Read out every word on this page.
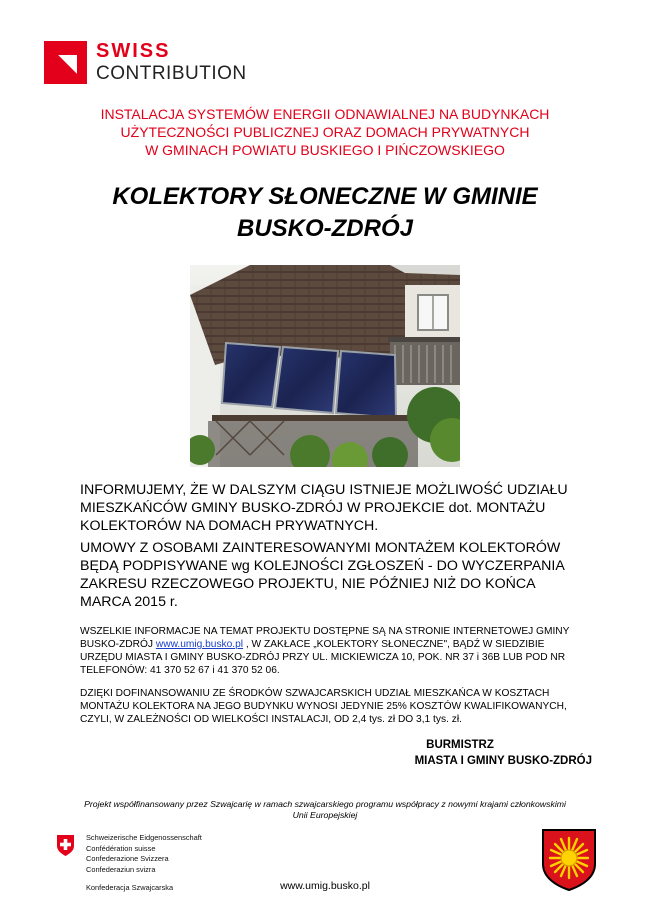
SWISS
CONTRIBUTION
INSTALACJA SYSTEMÓW ENERGII ODNAWIALNEJ NA BUDYNKACH
UŻYTECZNOŚCI PUBLICZNEJ ORAZ DOMACH PRYWATNYCH
W GMINACH POWIATU BUSKIEGO I PIŃCZOWSKIEGO
KOLEKTORY SŁONECZNE W GMINIE
BUSKO-ZDRÓJ
INFORMUJEMY, ŻE W DALSZYM CIĄGU ISTNIEJE MOŻLIWOŚĆ UDZIAŁU
MIESZKAŃCÓW GMINY BUSKO-ZDRÓJ W PROJEKCIE dot. MONTAŻU
KOLEKTORÓW NA DOMACH PRYWATNYCH.
UMOWY Z OSOBAMI ZAINTERESOWANYMI MONTAŻEM KOLEKTORÓW
BĘDĄ PODPISYWANE wg KOLEJNOŚCI ZGŁOSZEŃ - DO WYCZERPANIA
ZAKRESU RZECZOWEGO PROJEKTU, NIE PÓŹNIEJ NIŻ DO KOŃCA
MARCA 2015 r.
WSZELKIE INFORMACJE NA TEMAT PROJEKTU DOSTĘPNE SĄ NA STRONIE INTERNETOWEJ GMINY
BUSKO-ZDRÓJ www.umig.busko.pl , W ZAKŁACE „KOLEKTORY SŁONECZNE", BĄDŹ W SIEDZIBIE
URZĘDU MIASTA I GMINY BUSKO-ZDRÓJ PRZY UL. MICKIEWICZA 10, POK. NR 37 i 36B LUB POD NR
TELEFONÓW: 41 370 52 67 i 41 370 52 06.
DZIĘKI DOFINANSOWANIU ZE ŚRODKÓW SZWAJCARSKICH UDZIAŁ MIESZKAŃCA W KOSZTACH
MONTAŻU KOLEKTORA NA JEGO BUDYNKU WYNOSI JEDYNIE 25% KOSZTÓW KWALIFIKOWANYCH,
CZYLI, W ZALEŻNOŚCI OD WIELKOŚCI INSTALACJI, OD 2,4 tys. zł DO 3,1 tys. zł.
BURMISTRZ
MIASTA I GMINY BUSKO-ZDRÓJ
Projekt współfinansowany przez Szwajcarię w ramach szwajcarskiego programu współpracy z nowymi krajami członkowskimi
Unii Europejskiej
Schweizerische Eidgenossenschaft
Confédération suisse
Confederazione Svizzera
Confederaziun svizra
Konfederacja Szwajcarska	www.umig.busko.pl
